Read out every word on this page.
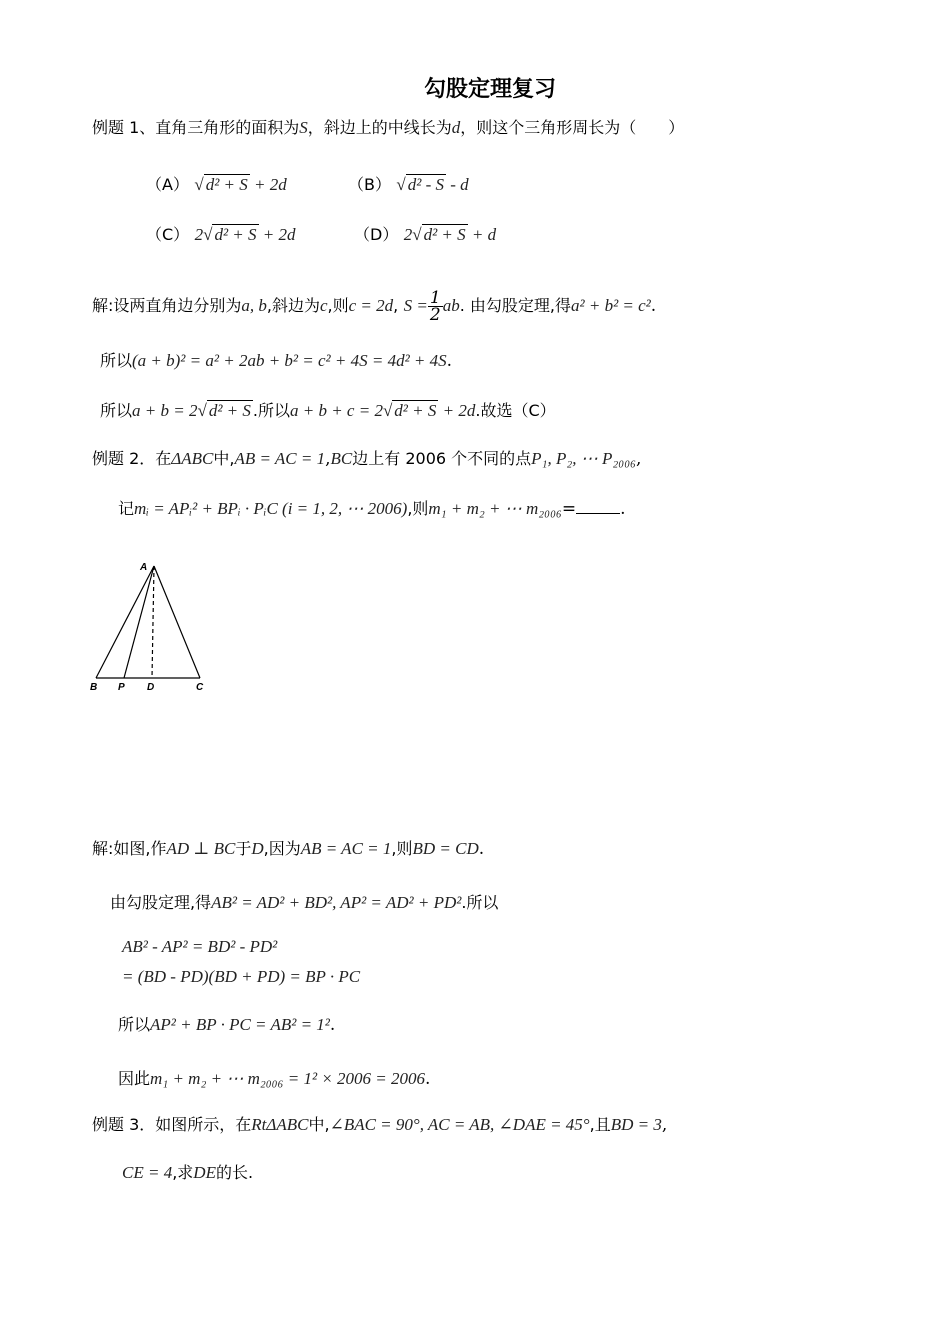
勾股定理复习
例题 1、直角三角形的面积为S，斜边上的中线长为d，则这个三角形周长为（　　）
（A） √ d² + S + 2d	（B） √ d² - S - d
（C） 2√ d² + S + 2d	（D） 2√ d² + S + d
解:设两直角边分别为a, b,斜边为c,则c = 2d, $S = \frac{1}{2}$ ab. 由勾股定理,得a² + b² = c².
所以(a + b)² = a² + 2ab + b² = c² + 4S = 4d² + 4S.
所以a + b = 2√ d² + S .所以a + b + c = 2√ d² + S + 2d.故选（C）
例题 2．在ΔABC中,AB = AC = 1,BC边上有 2006 个不同的点P₁, P₂, ⋯ P₂₀₀₆,
记mᵢ = APᵢ² + BPᵢ · PᵢC (i = 1, 2, ⋯ 2006),则m₁ + m₂ + ⋯ m₂₀₀₆=	.
A
B P D	C
解:如图,作AD ⊥ BC于D,因为AB = AC = 1,则BD = CD.
由勾股定理,得AB² = AD² + BD², AP² = AD² + PD².所以
AB² - AP² = BD² - PD²
= (BD - PD)(BD + PD) = BP · PC
所以AP² + BP · PC = AB² = 1².
因此m₁ + m₂ + ⋯ m₂₀₀₆ = 1² × 2006 = 2006.
例题 3．如图所示，在RtΔABC中,∠BAC = 90°, AC = AB, ∠DAE = 45°,且BD = 3,
CE = 4,求DE的长.
